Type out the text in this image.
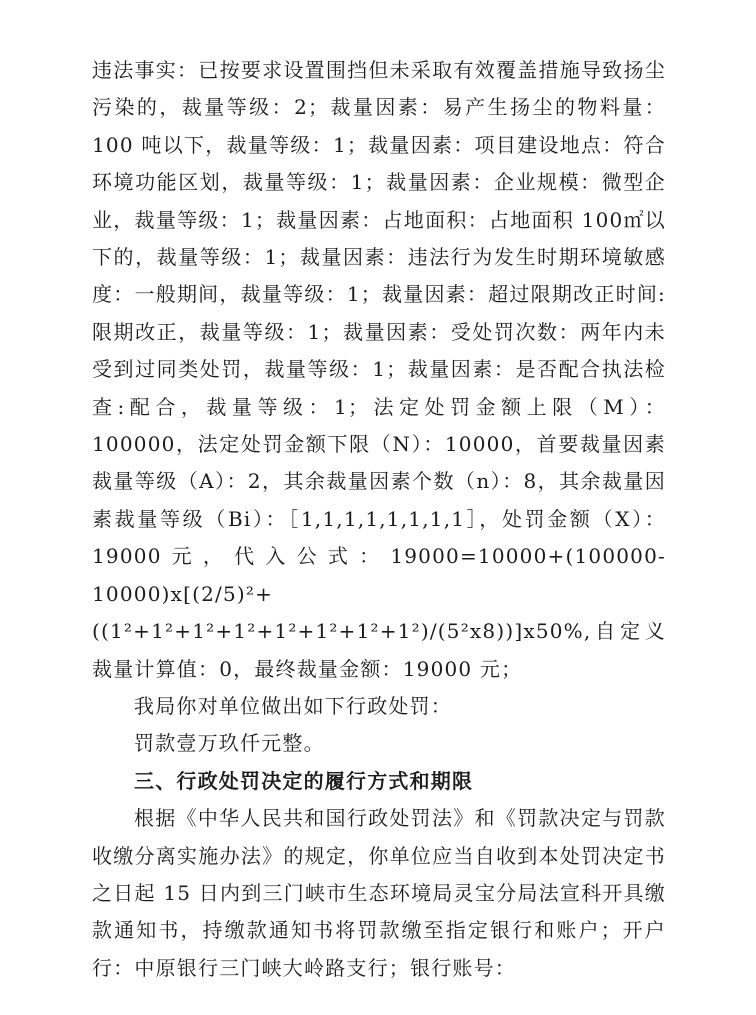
违法事实：已按要求设置围挡但未采取有效覆盖措施导致扬尘污染的，裁量等级：2；裁量因素：易产生扬尘的物料量：100 吨以下，裁量等级：1；裁量因素：项目建设地点：符合环境功能区划，裁量等级：1；裁量因素：企业规模：微型企业，裁量等级：1；裁量因素：占地面积：占地面积 100㎡以下的，裁量等级：1；裁量因素：违法行为发生时期环境敏感度：一般期间，裁量等级：1；裁量因素：超过限期改正时间:限期改正，裁量等级：1；裁量因素：受处罚次数：两年内未受到过同类处罚，裁量等级：1；裁量因素：是否配合执法检查:配合，裁量等级：1；法定处罚金额上限（M）：100000，法定处罚金额下限（N）：10000，首要裁量因素裁量等级（A）：2，其余裁量因素个数（n）：8，其余裁量因素裁量等级（Bi）：［1,1,1,1,1,1,1,1］，处罚金额（X）：19000元，代入公式：19000=10000+(100000-10000)x[(2/5)²+((1²+1²+1²+1²+1²+1²+1²+1²)/(5²x8))]x50%,自定义裁量计算值：0，最终裁量金额：19000 元；

我局你对单位做出如下行政处罚：

罚款壹万玖仟元整。

三、行政处罚决定的履行方式和期限

根据《中华人民共和国行政处罚法》和《罚款决定与罚款收缴分离实施办法》的规定，你单位应当自收到本处罚决定书之日起 15 日内到三门峡市生态环境局灵宝分局法宣科开具缴款通知书，持缴款通知书将罚款缴至指定银行和账户；开户行：中原银行三门峡大岭路支行；银行账号：
